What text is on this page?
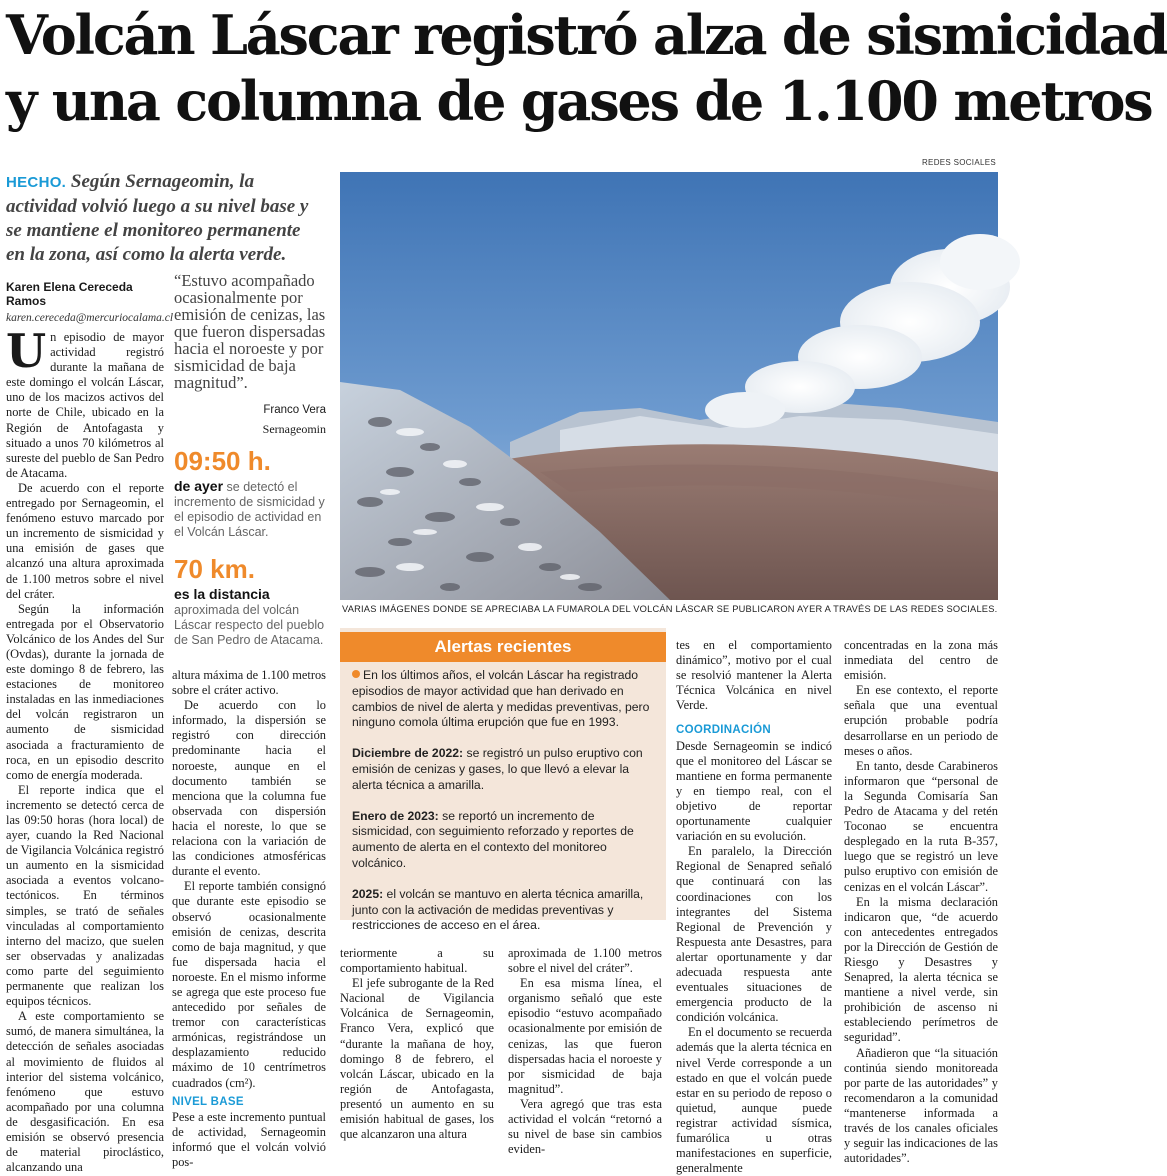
Volcán Láscar registró alza de sismicidad
y una columna de gases de 1.100 metros
HECHO. Según Sernageomin, la actividad volvió luego a su nivel base y se mantiene el monitoreo permanente en la zona, así como la alerta verde.
Karen Elena Cereceda Ramos
karen.cereceda@mercuriocalama.cl
“Estuvo acompañado ocasionalmente por emisión de cenizas, las que fueron dispersadas hacia el noroeste y por sismicidad de baja magnitud”.
Franco Vera
Sernageomin
09:50 h.
de ayer se detectó el incremento de sismicidad y el episodio de actividad en el Volcán Láscar.
70 km.
es la distancia aproximada del volcán Láscar respecto del pueblo de San Pedro de Atacama.

Un episodio de mayor actividad registró durante la mañana de este domingo el volcán Láscar, uno de los macizos activos del norte de Chile, ubicado en la Región de Antofagasta y situado a unos 70 kilómetros al sureste del pueblo de San Pedro de Atacama.

De acuerdo con el reporte entregado por Sernageomin, el fenómeno estuvo marcado por un incremento de sismicidad y una emisión de gases que alcanzó una altura aproximada de 1.100 metros sobre el nivel del cráter.

Según la información entregada por el Observatorio Volcánico de los Andes del Sur (Ovdas), durante la jornada de este domingo 8 de febrero, las estaciones de monitoreo instaladas en las inmediaciones del volcán registraron un aumento de sismicidad asociada a fracturamiento de roca, en un episodio descrito como de energía moderada.

El reporte indica que el incremento se detectó cerca de las 09:50 horas (hora local) de ayer, cuando la Red Nacional de Vigilancia Volcánica registró un aumento en la sismicidad asociada a eventos volcano-tectónicos. En términos simples, se trató de señales vinculadas al comportamiento interno del macizo, que suelen ser observadas y analizadas como parte del seguimiento permanente que realizan los equipos técnicos.

A este comportamiento se sumó, de manera simultánea, la detección de señales asociadas al movimiento de fluidos al interior del sistema volcánico, fenómeno que estuvo acompañado por una columna de desgasificación. En esa emisión se observó presencia de material piroclástico, alcanzando una

altura máxima de 1.100 metros sobre el cráter activo.

De acuerdo con lo informado, la dispersión se registró con dirección predominante hacia el noroeste, aunque en el documento también se menciona que la columna fue observada con dispersión hacia el noreste, lo que se relaciona con la variación de las condiciones atmosféricas durante el evento.

El reporte también consignó que durante este episodio se observó ocasionalmente emisión de cenizas, descrita como de baja magnitud, y que fue dispersada hacia el noroeste. En el mismo informe se agrega que este proceso fue antecedido por señales de tremor con características armónicas, registrándose un desplazamiento reducido máximo de 10 centrímetros cuadrados (cm²).

NIVEL BASE

Pese a este incremento puntual de actividad, Sernageomin informó que el volcán volvió pos-

REDES SOCIALES
VARIAS IMÁGENES DONDE SE APRECIABA LA FUMAROLA DEL VOLCÁN LÁSCAR SE PUBLICARON AYER A TRAVÉS DE LAS REDES SOCIALES.
Alertas recientes

En los últimos años, el volcán Láscar ha registrado episodios de mayor actividad que han derivado en cambios de nivel de alerta y medidas preventivas, pero ninguno comola última erupción que fue en 1993.

Diciembre de 2022: se registró un pulso eruptivo con emisión de cenizas y gases, lo que llevó a elevar la alerta técnica a amarilla.

Enero de 2023: se reportó un incremento de sismicidad, con seguimiento reforzado y reportes de aumento de alerta en el contexto del monitoreo volcánico.

2025: el volcán se mantuvo en alerta técnica amarilla, junto con la activación de medidas preventivas y restricciones de acceso en el área.

teriormente a su comportamiento habitual.

El jefe subrogante de la Red Nacional de Vigilancia Volcánica de Sernageomin, Franco Vera, explicó que “durante la mañana de hoy, domingo 8 de febrero, el volcán Láscar, ubicado en la región de Antofagasta, presentó un aumento en su emisión habitual de gases, los que alcanzaron una altura

aproximada de 1.100 metros sobre el nivel del cráter”.

En esa misma línea, el organismo señaló que este episodio “estuvo acompañado ocasionalmente por emisión de cenizas, las que fueron dispersadas hacia el noroeste y por sismicidad de baja magnitud”.

Vera agregó que tras esta actividad el volcán “retornó a su nivel de base sin cambios eviden-

tes en el comportamiento dinámico”, motivo por el cual se resolvió mantener la Alerta Técnica Volcánica en nivel Verde.

COORDINACIÓN

Desde Sernageomin se indicó que el monitoreo del Láscar se mantiene en forma permanente y en tiempo real, con el objetivo de reportar oportunamente cualquier variación en su evolución.

En paralelo, la Dirección Regional de Senapred señaló que continuará con las coordinaciones con los integrantes del Sistema Regional de Prevención y Respuesta ante Desastres, para alertar oportunamente y dar adecuada respuesta ante eventuales situaciones de emergencia producto de la condición volcánica.

En el documento se recuerda además que la alerta técnica en nivel Verde corresponde a un estado en que el volcán puede estar en su periodo de reposo o quietud, aunque puede registrar actividad sísmica, fumarólica u otras manifestaciones en superficie, generalmente

concentradas en la zona más inmediata del centro de emisión.

En ese contexto, el reporte señala que una eventual erupción probable podría desarrollarse en un periodo de meses o años.

En tanto, desde Carabineros informaron que “personal de la Segunda Comisaría San Pedro de Atacama y del retén Toconao se encuentra desplegado en la ruta B-357, luego que se registró un leve pulso eruptivo con emisión de cenizas en el volcán Láscar”.

En la misma declaración indicaron que, “de acuerdo con antecedentes entregados por la Dirección de Gestión de Riesgo y Desastres y Senapred, la alerta técnica se mantiene a nivel verde, sin prohibición de ascenso ni estableciendo perímetros de seguridad”.

Añadieron que “la situación continúa siendo monitoreada por parte de las autoridades” y recomendaron a la comunidad “mantenerse informada a través de los canales oficiales y seguir las indicaciones de las autoridades”.
